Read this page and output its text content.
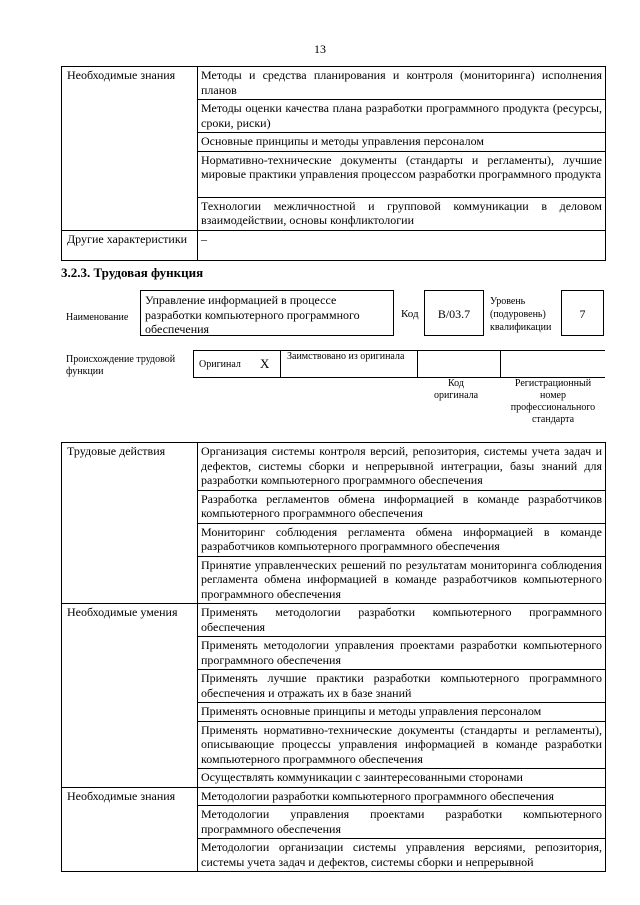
13
Необходимые знания	Методы и средства планирования и контроля (мониторинга) исполнения планов
	Методы оценки качества плана разработки программного продукта (ресурсы, сроки, риски)
	Основные принципы и методы управления персоналом
	Нормативно-технические документы (стандарты и регламенты), лучшие мировые практики управления процессом разработки программного продукта
	Технологии межличностной и групповой коммуникации в деловом взаимодействии, основы конфликтологии
Другие характеристики	–
3.2.3. Трудовая функция
Наименование
Управление информацией в процессе разработки компьютерного программного обеспечения
Код	B/03.7
Уровень (подуровень) квалификации
7
Происхождение трудовой функции
Оригинал X Заимствовано из оригинала
Код оригинала
Регистрационный номер профессионального стандарта
Трудовые действия	Организация системы контроля версий, репозитория, системы учета задач и дефектов, системы сборки и непрерывной интеграции, базы знаний для разработки компьютерного программного обеспечения
	Разработка регламентов обмена информацией в команде разработчиков компьютерного программного обеспечения
	Мониторинг соблюдения регламента обмена информацией в команде разработчиков компьютерного программного обеспечения
	Принятие управленческих решений по результатам мониторинга соблюдения регламента обмена информацией в команде разработчиков компьютерного программного обеспечения
Необходимые умения	Применять методологии разработки компьютерного программного обеспечения
	Применять методологии управления проектами разработки компьютерного программного обеспечения
	Применять лучшие практики разработки компьютерного программного обеспечения и отражать их в базе знаний
	Применять основные принципы и методы управления персоналом
	Применять нормативно-технические документы (стандарты и регламенты), описывающие процессы управления информацией в команде разработки компьютерного программного обеспечения
	Осуществлять коммуникации с заинтересованными сторонами
Необходимые знания	Методологии разработки компьютерного программного обеспечения
	Методологии управления проектами разработки компьютерного программного обеспечения
	Методологии организации системы управления версиями, репозитория, системы учета задач и дефектов, системы сборки и непрерывной
